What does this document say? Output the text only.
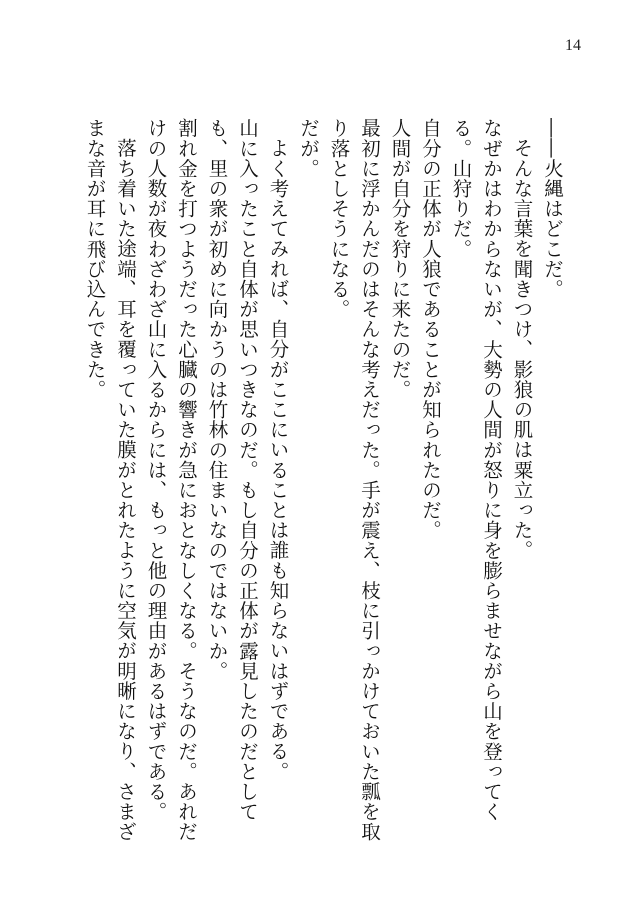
14

――火縄はどこだ。

そんな言葉を聞きつけ、影狼の肌は粟立った。

なぜかはわからないが、大勢の人間が怒りに身を膨らませながら山を登ってくる。山狩りだ。

自分の正体が人狼であることが知られたのだ。

人間が自分を狩りに来たのだ。

最初に浮かんだのはそんな考えだった。手が震え、枝に引っかけておいた瓢を取り落としそうになる。

だが。

よく考えてみれば、自分がここにいることは誰も知らないはずである。

山に入ったこと自体が思いつきなのだ。もし自分の正体が露見したのだとしても、里の衆が初めに向かうのは竹林の住まいなのではないか。

割れ金を打つようだった心臓の響きが急におとなしくなる。そうなのだ。あれだけの人数が夜わざわざ山に入るからには、もっと他の理由があるはずである。

落ち着いた途端、耳を覆っていた膜がとれたように空気が明晰になり、さまざまな音が耳に飛び込んできた。
